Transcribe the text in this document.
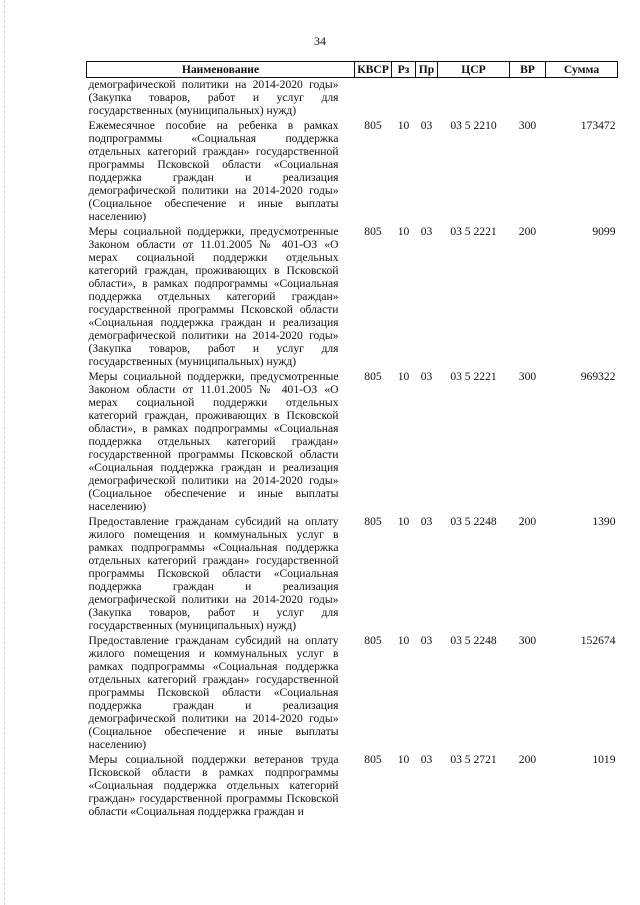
34
Наименование	КВСР	Рз	Пр	ЦСР	ВР	Сумма
демографической политики на 2014-2020 годы» (Закупка товаров, работ и услуг для государственных (муниципальных) нужд)						
Ежемесячное пособие на ребенка в рамках подпрограммы «Социальная поддержка отдельных категорий граждан» государственной программы Псковской области «Социальная поддержка граждан и реализация демографической политики на 2014-2020 годы» (Социальное обеспечение и иные выплаты населению)	805	10	03	03 5 2210	300	173472
Меры социальной поддержки, предусмотренные Законом области от 11.01.2005 № 401-ОЗ «О мерах социальной поддержки отдельных категорий граждан, проживающих в Псковской области», в рамках подпрограммы «Социальная поддержка отдельных категорий граждан» государственной программы Псковской области «Социальная поддержка граждан и реализация демографической политики на 2014-2020 годы» (Закупка товаров, работ и услуг для государственных (муниципальных) нужд)	805	10	03	03 5 2221	200	9099
Меры социальной поддержки, предусмотренные Законом области от 11.01.2005 № 401-ОЗ «О мерах социальной поддержки отдельных категорий граждан, проживающих в Псковской области», в рамках подпрограммы «Социальная поддержка отдельных категорий граждан» государственной программы Псковской области «Социальная поддержка граждан и реализация демографической политики на 2014-2020 годы» (Социальное обеспечение и иные выплаты населению)	805	10	03	03 5 2221	300	969322
Предоставление гражданам субсидий на оплату жилого помещения и коммунальных услуг в рамках подпрограммы «Социальная поддержка отдельных категорий граждан» государственной программы Псковской области «Социальная поддержка граждан и реализация демографической политики на 2014-2020 годы» (Закупка товаров, работ и услуг для государственных (муниципальных) нужд)	805	10	03	03 5 2248	200	1390
Предоставление гражданам субсидий на оплату жилого помещения и коммунальных услуг в рамках подпрограммы «Социальная поддержка отдельных категорий граждан» государственной программы Псковской области «Социальная поддержка граждан и реализация демографической политики на 2014-2020 годы» (Социальное обеспечение и иные выплаты населению)	805	10	03	03 5 2248	300	152674
Меры социальной поддержки ветеранов труда Псковской области в рамках подпрограммы «Социальная поддержка отдельных категорий граждан» государственной программы Псковской области «Социальная поддержка граждан и	805	10	03	03 5 2721	200	1019
